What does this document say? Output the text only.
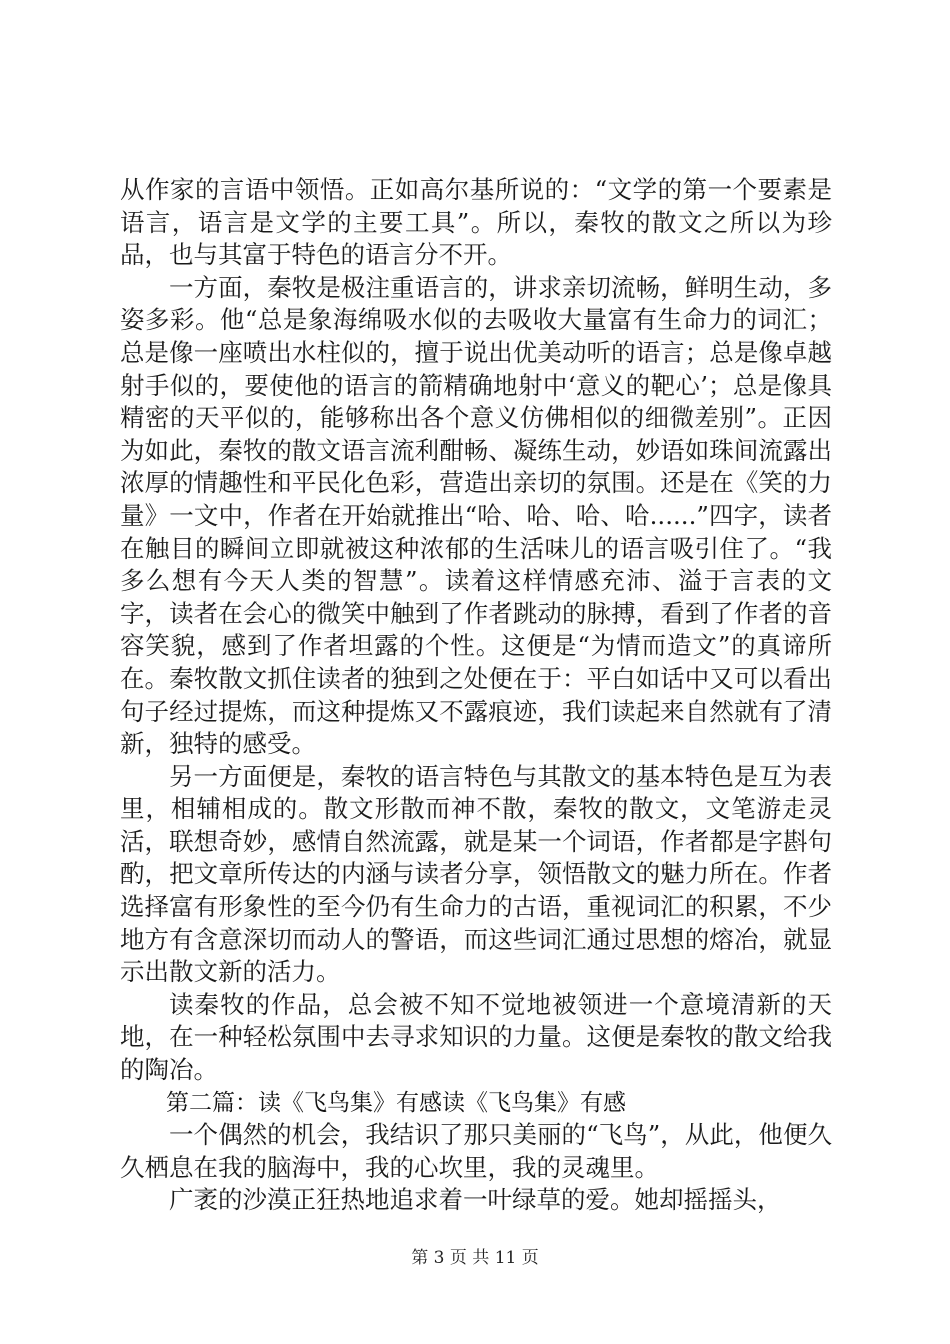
从作家的言语中领悟。正如高尔基所说的：“文学的第一个要素是语言，语言是文学的主要工具”。所以，秦牧的散文之所以为珍品，也与其富于特色的语言分不开。

一方面，秦牧是极注重语言的，讲求亲切流畅，鲜明生动，多姿多彩。他“总是象海绵吸水似的去吸收大量富有生命力的词汇；总是像一座喷出水柱似的，擅于说出优美动听的语言；总是像卓越射手似的，要使他的语言的箭精确地射中‘意义的靶心’；总是像具精密的天平似的，能够称出各个意义仿佛相似的细微差别”。正因为如此，秦牧的散文语言流利酣畅、凝练生动，妙语如珠间流露出浓厚的情趣性和平民化色彩，营造出亲切的氛围。还是在《笑的力量》一文中，作者在开始就推出“哈、哈、哈、哈......”四字，读者在触目的瞬间立即就被这种浓郁的生活味儿的语言吸引住了。“我多么想有今天人类的智慧”。读着这样情感充沛、溢于言表的文字，读者在会心的微笑中触到了作者跳动的脉搏，看到了作者的音容笑貌，感到了作者坦露的个性。这便是“为情而造文”的真谛所在。秦牧散文抓住读者的独到之处便在于：平白如话中又可以看出句子经过提炼，而这种提炼又不露痕迹，我们读起来自然就有了清新，独特的感受。

另一方面便是，秦牧的语言特色与其散文的基本特色是互为表里，相辅相成的。散文形散而神不散，秦牧的散文，文笔游走灵活，联想奇妙，感情自然流露，就是某一个词语，作者都是字斟句酌，把文章所传达的内涵与读者分享，领悟散文的魅力所在。作者选择富有形象性的至今仍有生命力的古语，重视词汇的积累，不少地方有含意深切而动人的警语，而这些词汇通过思想的熔冶，就显示出散文新的活力。

读秦牧的作品，总会被不知不觉地被领进一个意境清新的天地，在一种轻松氛围中去寻求知识的力量。这便是秦牧的散文给我的陶冶。

第二篇：读《飞鸟集》有感读《飞鸟集》有感

一个偶然的机会，我结识了那只美丽的“飞鸟”，从此，他便久久栖息在我的脑海中，我的心坎里，我的灵魂里。

广袤的沙漠正狂热地追求着一叶绿草的爱。她却摇摇头，

第 3 页 共 11 页
